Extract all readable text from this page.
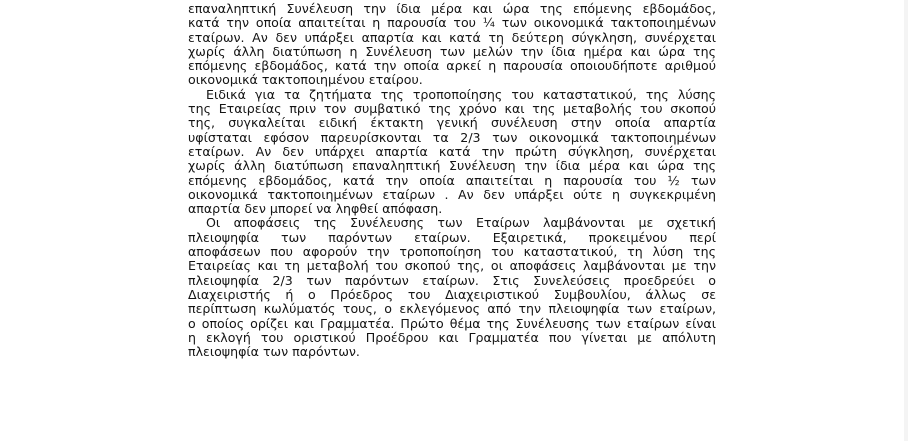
επαναληπτική Συνέλευση την ίδια μέρα και ώρα της επόμενης εβδομάδος,
κατά την οποία απαιτείται η παρουσία του ¼ των οικονομικά τακτοποιημένων
εταίρων. Αν δεν υπάρξει απαρτία και κατά τη δεύτερη σύγκληση, συνέρχεται
χωρίς άλλη διατύπωση η Συνέλευση των μελών την ίδια ημέρα και ώρα της
επόμενης εβδομάδος, κατά την οποία αρκεί η παρουσία οποιουδήποτε αριθμού
οικονομικά τακτοποιημένου εταίρου.
Ειδικά για τα ζητήματα της τροποποίησης του καταστατικού, της λύσης
της Εταιρείας πριν τον συμβατικό της χρόνο και της μεταβολής του σκοπού
της, συγκαλείται ειδική έκτακτη γενική συνέλευση στην οποία απαρτία
υφίσταται εφόσον παρευρίσκονται τα 2/3 των οικονομικά τακτοποιημένων
εταίρων. Αν δεν υπάρχει απαρτία κατά την πρώτη σύγκληση, συνέρχεται
χωρίς άλλη διατύπωση επαναληπτική Συνέλευση την ίδια μέρα και ώρα της
επόμενης εβδομάδος, κατά την οποία απαιτείται η παρουσία του ½ των
οικονομικά τακτοποιημένων εταίρων . Αν δεν υπάρξει ούτε η συγκεκριμένη
απαρτία δεν μπορεί να ληφθεί απόφαση.
Οι αποφάσεις της Συνέλευσης των Εταίρων λαμβάνονται με σχετική
πλειοψηφία των παρόντων εταίρων. Εξαιρετικά, προκειμένου περί
αποφάσεων που αφορούν την τροποποίηση του καταστατικού, τη λύση της
Εταιρείας και τη μεταβολή του σκοπού της, οι αποφάσεις λαμβάνονται με την
πλειοψηφία 2/3 των παρόντων εταίρων. Στις Συνελεύσεις προεδρεύει ο
Διαχειριστής ή ο Πρόεδρος του Διαχειριστικού Συμβουλίου, άλλως σε
περίπτωση κωλύματός τους, ο εκλεγόμενος από την πλειοψηφία των εταίρων,
ο οποίος ορίζει και Γραμματέα. Πρώτο θέμα της Συνέλευσης των εταίρων είναι
η εκλογή του οριστικού Προέδρου και Γραμματέα που γίνεται με απόλυτη
πλειοψηφία των παρόντων.
